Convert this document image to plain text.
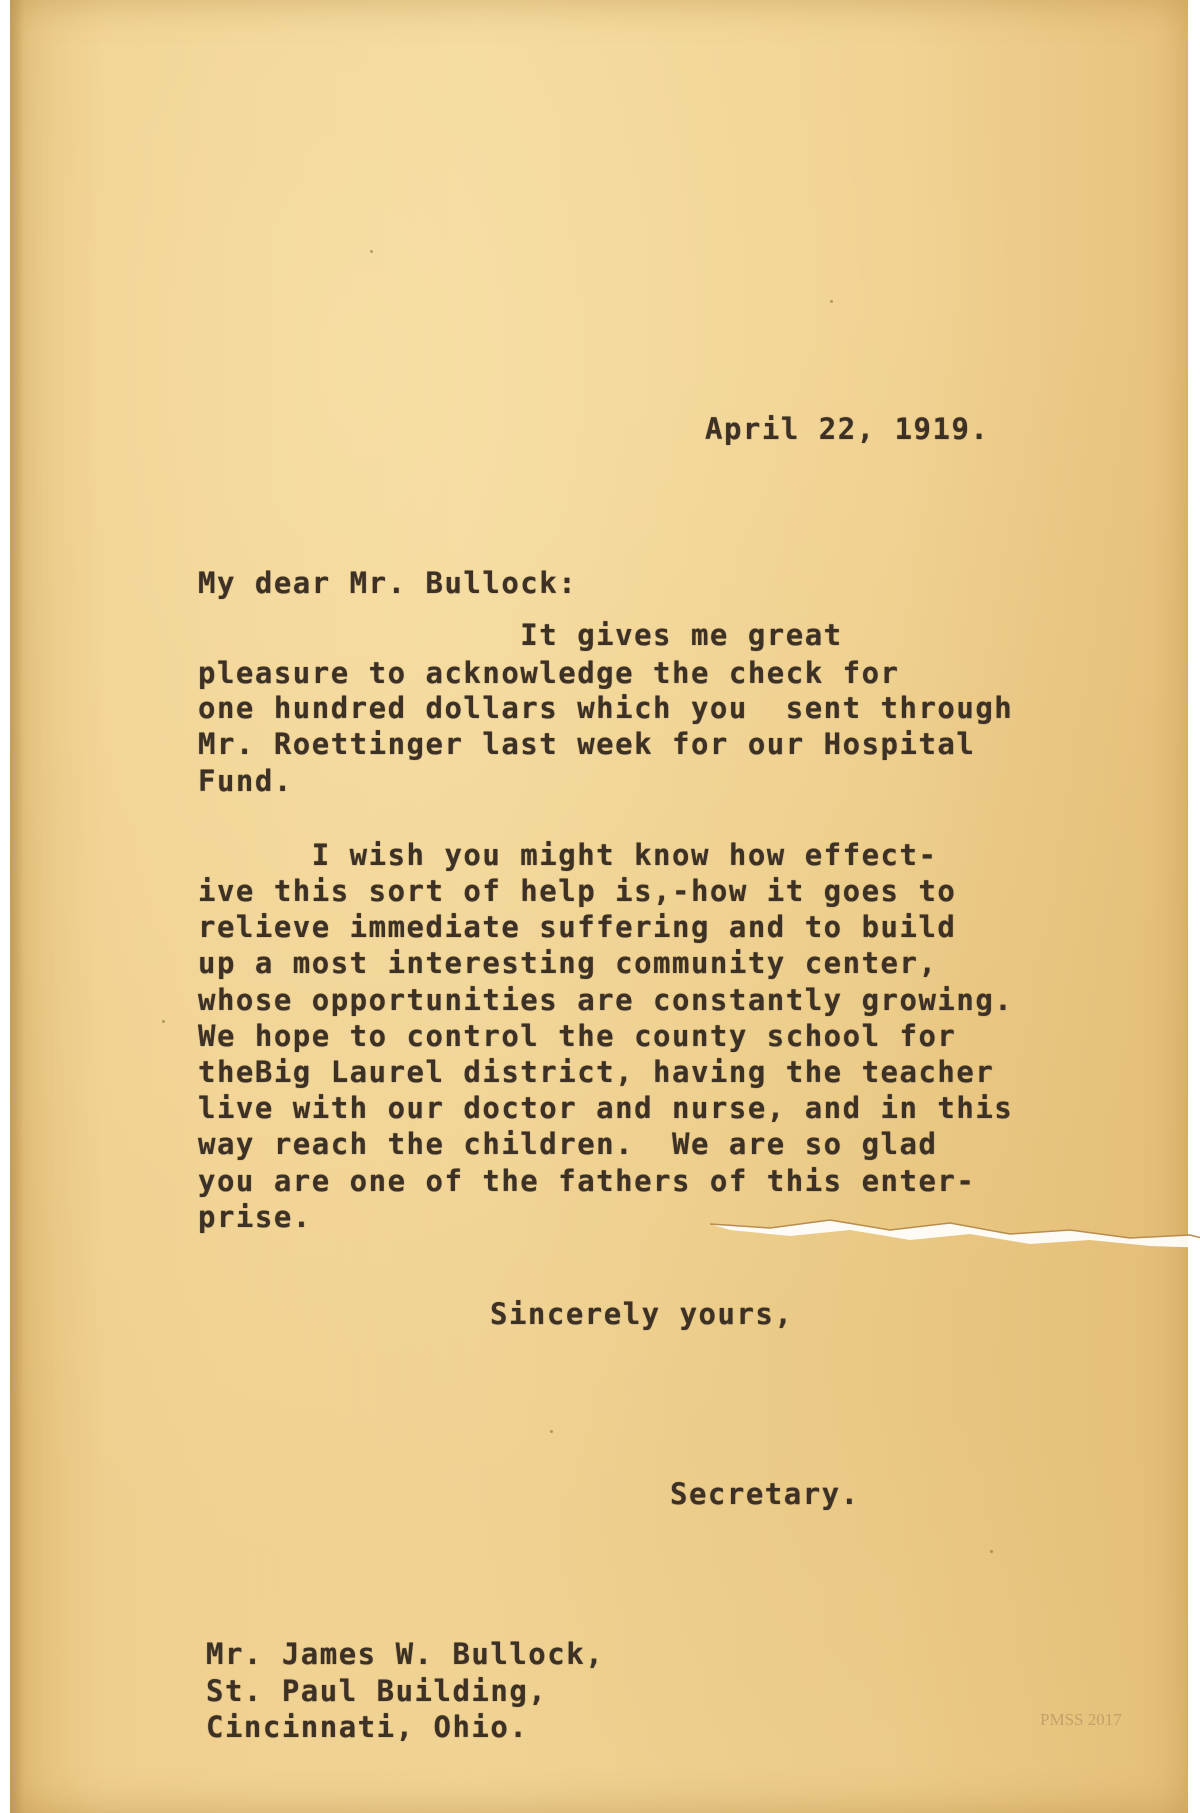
April 22, 1919.
My dear Mr. Bullock:
It gives me great
pleasure to acknowledge the check for
one hundred dollars which you  sent through
Mr. Roettinger last week for our Hospital
Fund.
I wish you might know how effect-
ive this sort of help is,-how it goes to
relieve immediate suffering and to build
up a most interesting community center,
whose opportunities are constantly growing.
We hope to control the county school for
theBig Laurel district, having the teacher
live with our doctor and nurse, and in this
way reach the children.  We are so glad
you are one of the fathers of this enter-
prise.
Sincerely yours,
Secretary.
Mr. James W. Bullock,
St. Paul Building,
Cincinnati, Ohio.	PMSS 2017
